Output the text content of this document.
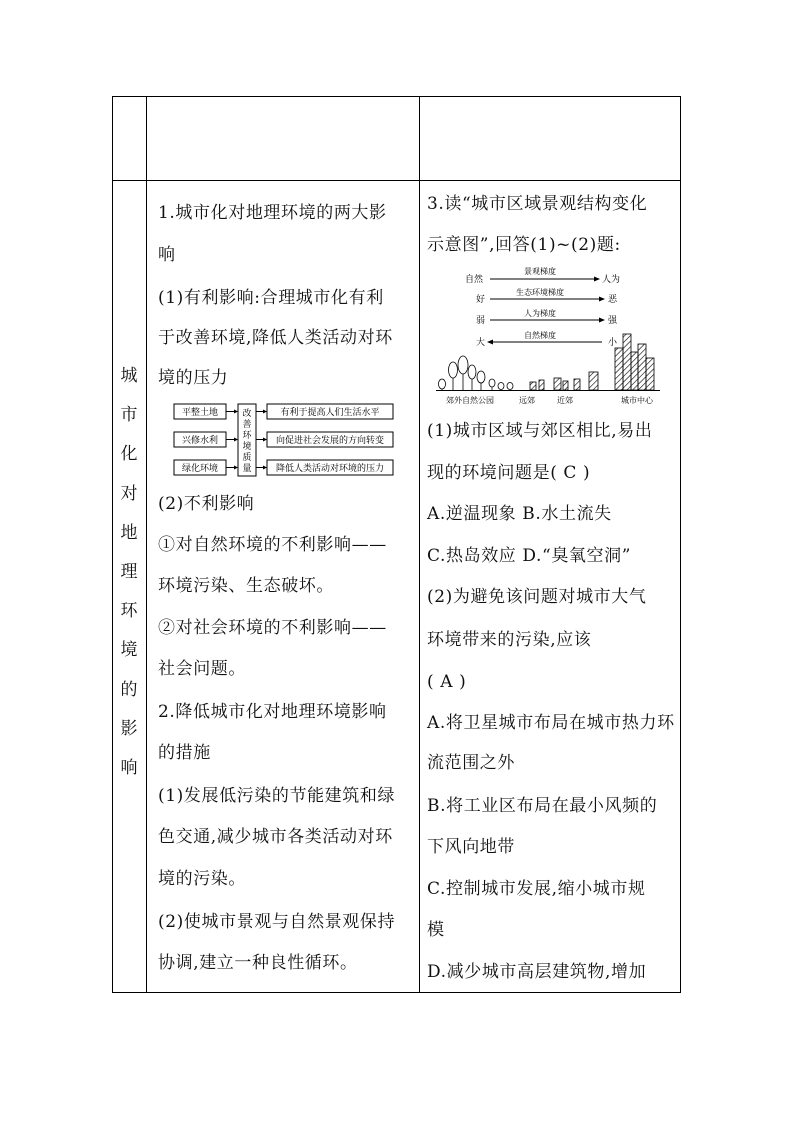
城
市
化
对
地
理
环
境
的
影
响
1.城市化对地理环境的两大影
响
(1)有利影响:合理城市化有利
于改善环境,降低人类活动对环
境的压力
平整土地
兴修水利
绿化环境
有利于提高人们生活水平
向促进社会发展的方向转变
降低人类活动对环境的压力
改
善
环
境
质
量
(2)不利影响
①对自然环境的不利影响——
环境污染、生态破坏。
②对社会环境的不利影响——
社会问题。
2.降低城市化对地理环境影响
的措施
(1)发展低污染的节能建筑和绿
色交通,减少城市各类活动对环
境的污染。
(2)使城市景观与自然景观保持
协调,建立一种良性循环。
3.读“城市区域景观结构变化
示意图”,回答(1)~(2)题:
自然
好
弱
大
人为
恶
强
小
景观梯度
生态环境梯度
人为梯度
自然梯度
郊外自然公园	远郊	近郊	城市中心
(1)城市区域与郊区相比,易出
现的环境问题是( C )
A.逆温现象 B.水土流失
C.热岛效应 D.“臭氧空洞”
(2)为避免该问题对城市大气
环境带来的污染,应该
( A )
A.将卫星城市布局在城市热力环
流范围之外
B.将工业区布局在最小风频的
下风向地带
C.控制城市发展,缩小城市规
模
D.减少城市高层建筑物,增加
